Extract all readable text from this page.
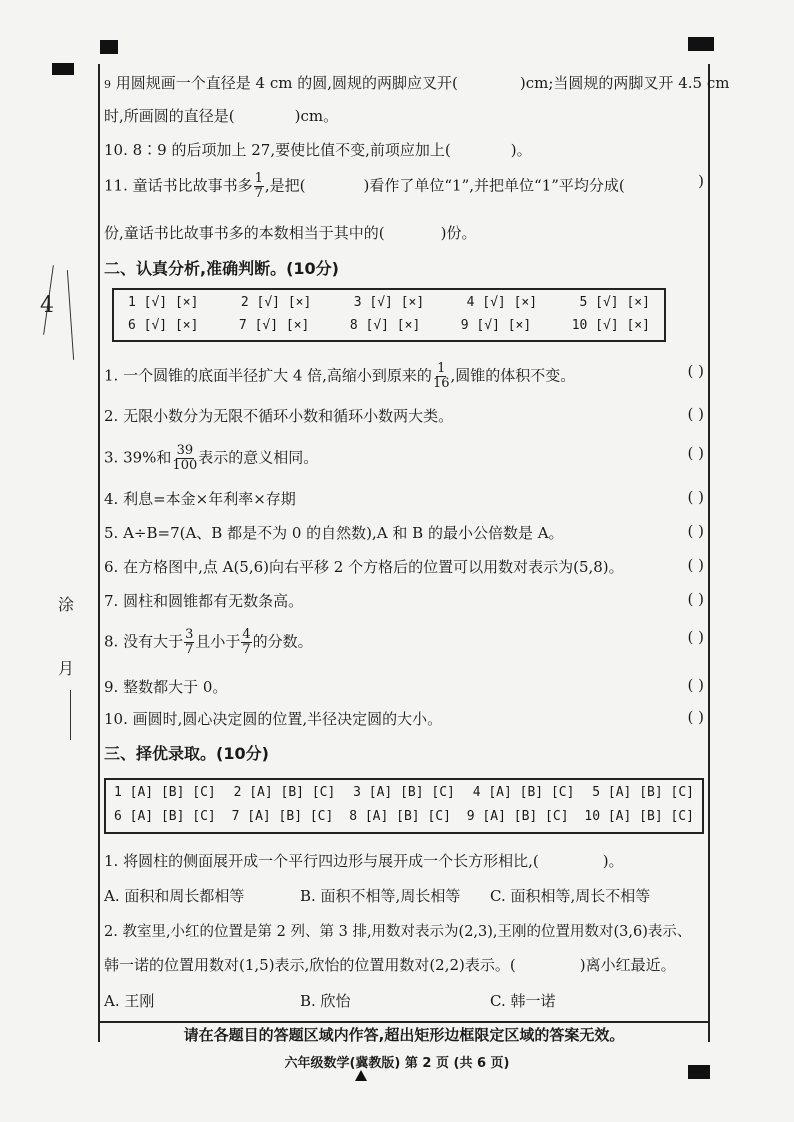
4
涂
月
9 用圆规画一个直径是 4 cm 的圆,圆规的两脚应叉开(	)cm;当圆规的两脚叉开 4.5 cm
时,所画圆的直径是(	)cm。
10. 8∶9 的后项加上 27,要使比值不变,前项应加上(	)。
11. 童话书比故事书多 $\frac{1}{7}$ ,是把(	)看作了单位“1”,并把单位“1”平均分成(	)
份,童话书比故事书多的本数相当于其中的(	)份。
二、认真分析,准确判断。(10分)
1 [√] [×]	2 [√] [×]	3 [√] [×]	4 [√] [×]	5 [√] [×]
6 [√] [×]	7 [√] [×]	8 [√] [×]	9 [√] [×]	10 [√] [×]
1. 一个圆锥的底面半径扩大 4 倍,高缩小到原来的 $\frac{1}{16}$ ,圆锥的体积不变。	( )
2. 无限小数分为无限不循环小数和循环小数两大类。	( )
3. 39%和 $\frac{39}{100}$ 表示的意义相同。	( )
4. 利息=本金×年利率×存期	( )
5. A÷B=7(A、B 都是不为 0 的自然数),A 和 B 的最小公倍数是 A。	( )
6. 在方格图中,点 A(5,6)向右平移 2 个方格后的位置可以用数对表示为(5,8)。	( )
7. 圆柱和圆锥都有无数条高。	( )
8. 没有大于 $\frac{3}{7}$ 且小于 $\frac{4}{7}$ 的分数。	( )
9. 整数都大于 0。	( )
10. 画圆时,圆心决定圆的位置,半径决定圆的大小。	( )
三、择优录取。(10分)
1 [A] [B] [C] 2 [A] [B] [C] 3 [A] [B] [C] 4 [A] [B] [C] 5 [A] [B] [C]
6 [A] [B] [C] 7 [A] [B] [C] 8 [A] [B] [C] 9 [A] [B] [C] 10 [A] [B] [C]
1. 将圆柱的侧面展开成一个平行四边形与展开成一个长方形相比,(	)。
A. 面积和周长都相等	B. 面积不相等,周长相等 C. 面积相等,周长不相等
2. 教室里,小红的位置是第 2 列、第 3 排,用数对表示为(2,3),王刚的位置用数对(3,6)表示、
韩一诺的位置用数对(1,5)表示,欣怡的位置用数对(2,2)表示。(	)离小红最近。
A. 王刚	B. 欣怡	C. 韩一诺
请在各题目的答题区域内作答,超出矩形边框限定区域的答案无效。
六年级数学(冀教版) 第 2 页 (共 6 页)
